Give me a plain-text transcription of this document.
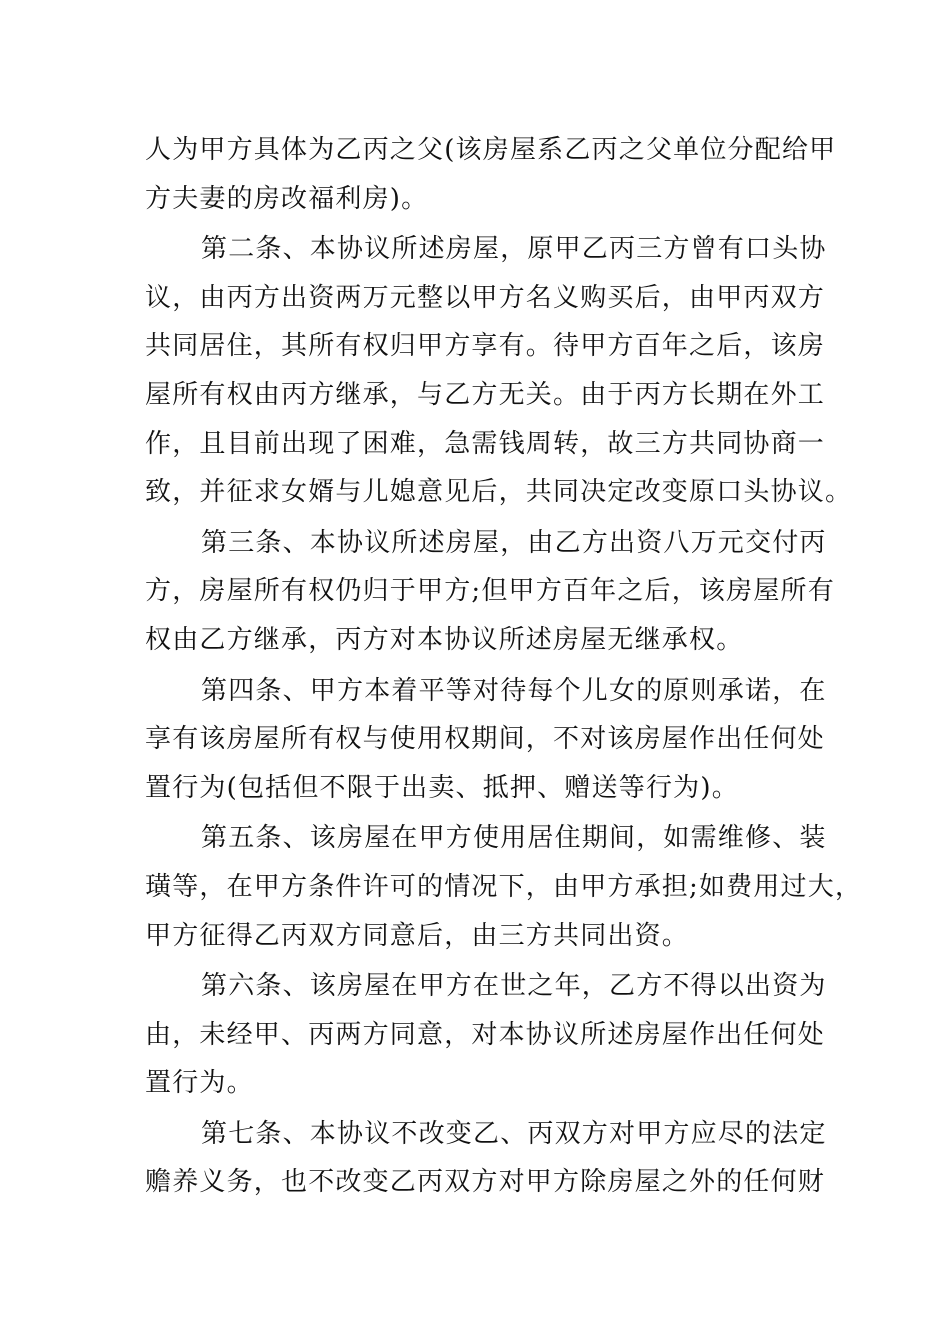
人为甲方具体为乙丙之父(该房屋系乙丙之父单位分配给甲
方夫妻的房改福利房)。
第二条、本协议所述房屋，原甲乙丙三方曾有口头协
议，由丙方出资两万元整以甲方名义购买后，由甲丙双方
共同居住，其所有权归甲方享有。待甲方百年之后，该房
屋所有权由丙方继承，与乙方无关。由于丙方长期在外工
作，且目前出现了困难，急需钱周转，故三方共同协商一
致，并征求女婿与儿媳意见后，共同决定改变原口头协议。
第三条、本协议所述房屋，由乙方出资八万元交付丙
方，房屋所有权仍归于甲方;但甲方百年之后，该房屋所有
权由乙方继承，丙方对本协议所述房屋无继承权。
第四条、甲方本着平等对待每个儿女的原则承诺，在
享有该房屋所有权与使用权期间，不对该房屋作出任何处
置行为(包括但不限于出卖、抵押、赠送等行为)。
第五条、该房屋在甲方使用居住期间，如需维修、装
璜等，在甲方条件许可的情况下，由甲方承担;如费用过大，
甲方征得乙丙双方同意后，由三方共同出资。
第六条、该房屋在甲方在世之年，乙方不得以出资为
由，未经甲、丙两方同意，对本协议所述房屋作出任何处
置行为。
第七条、本协议不改变乙、丙双方对甲方应尽的法定
赡养义务，也不改变乙丙双方对甲方除房屋之外的任何财
